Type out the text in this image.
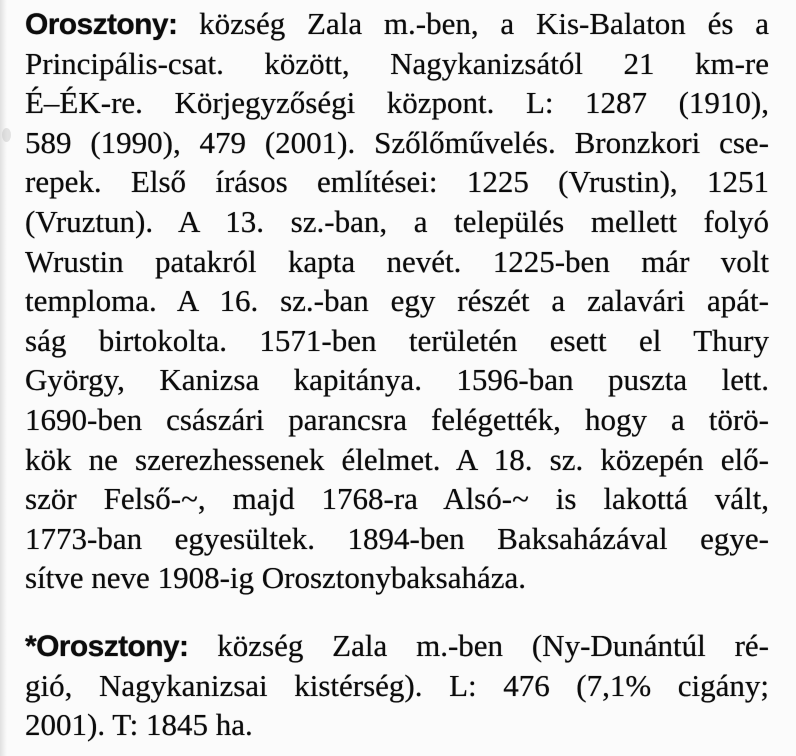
Orosztony: község Zala m.-ben, a Kis-Balaton és a
Principális-csat. között, Nagykanizsától 21 km-re
É–ÉK-re. Körjegyzőségi központ. L: 1287 (1910),
589 (1990), 479 (2001). Szőlőművelés. Bronzkori cse-
repek. Első írásos említései: 1225 (Vrustin), 1251
(Vruztun). A 13. sz.-ban, a település mellett folyó
Wrustin patakról kapta nevét. 1225-ben már volt
temploma. A 16. sz.-ban egy részét a zalavári apát-
ság birtokolta. 1571-ben területén esett el Thury
György, Kanizsa kapitánya. 1596-ban puszta lett.
1690-ben császári parancsra felégették, hogy a törö-
kök ne szerezhessenek élelmet. A 18. sz. közepén elő-
ször Felső-~, majd 1768-ra Alsó-~ is lakottá vált,
1773-ban egyesültek. 1894-ben Baksaházával egye-
sítve neve 1908-ig Orosztonybaksaháza.
*Orosztony: község Zala m.-ben (Ny-Dunántúl ré-
gió, Nagykanizsai kistérség). L: 476 (7,1% cigány;
2001). T: 1845 ha.
